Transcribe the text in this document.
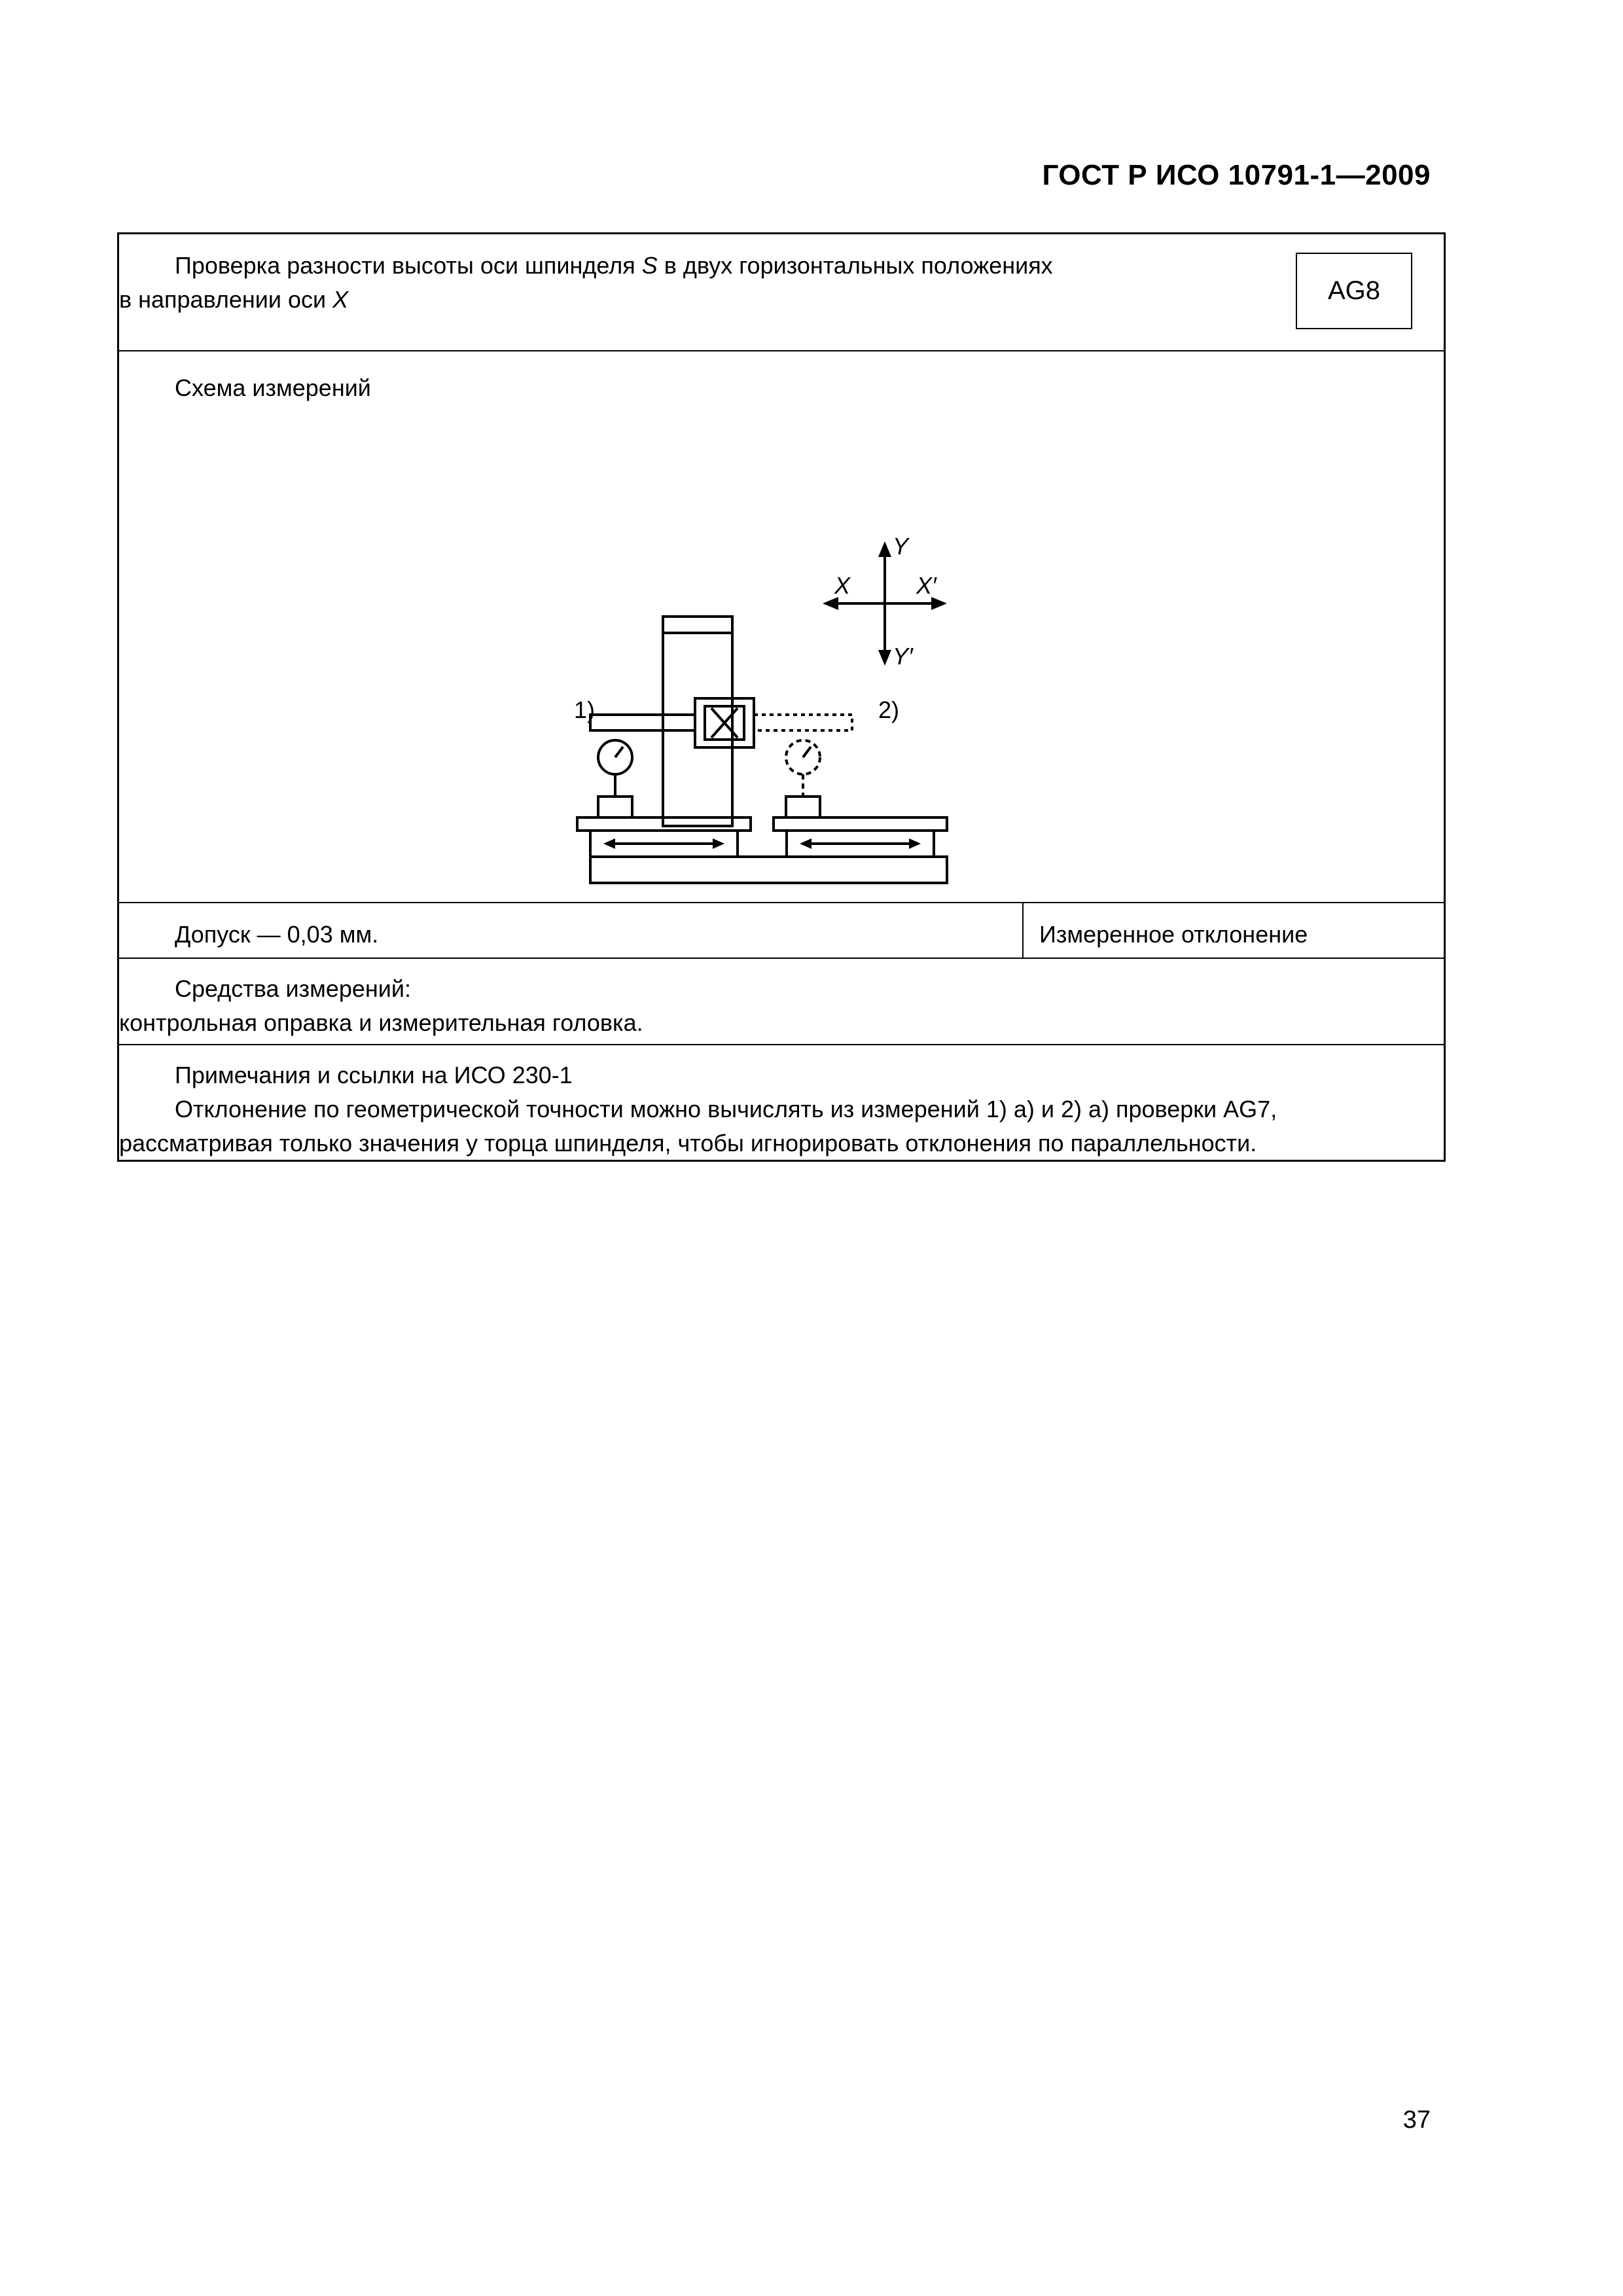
ГОСТ Р ИСО 10791-1—2009
Проверка разности высоты оси шпинделя S в двух горизонтальных положениях
в направлении оси X	AG8
Схема измерений
Y
Y′
X	X′
1)	2)
Допуск — 0,03 мм.	Измеренное отклонение
Средства измерений:
контрольная оправка и измерительная головка.
Примечания и ссылки на ИСО 230-1
Отклонение по геометрической точности можно вычислять из измерений 1) а) и 2) а) проверки AG7, рассматривая только значения у торца шпинделя, чтобы игнорировать отклонения по параллельности.
37
